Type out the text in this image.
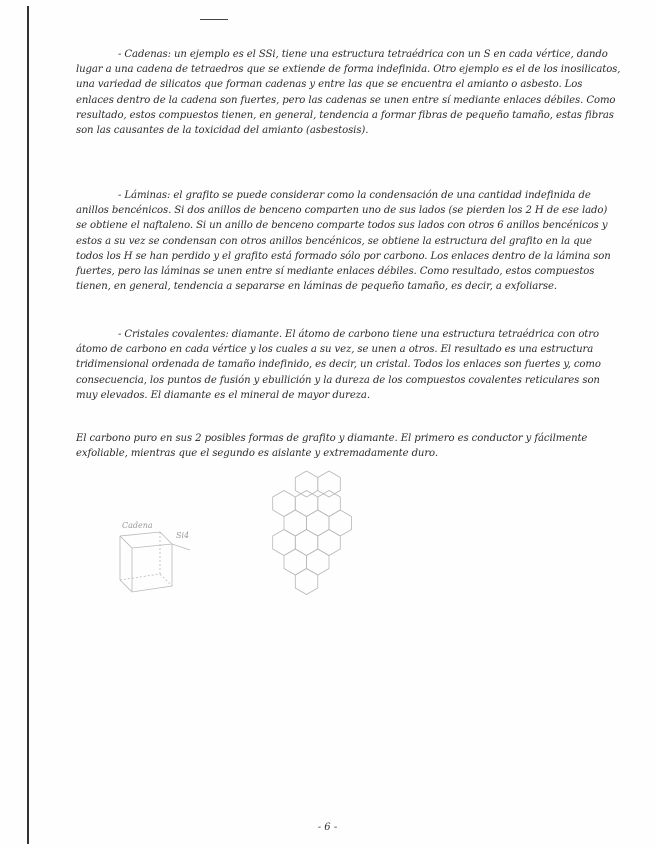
- Cadenas: un ejemplo es el SSi, tiene una estructura tetraédrica con un S en cada vértice, dando lugar a una cadena de tetraedros que se extiende de forma indefinida. Otro ejemplo es el de los inosilicatos, una variedad de silicatos que forman cadenas y entre las que se encuentra el amianto o asbesto. Los enlaces dentro de la cadena son fuertes, pero las cadenas se unen entre sí mediante enlaces débiles. Como resultado, estos compuestos tienen, en general, tendencia a formar fibras de pequeño tamaño, estas fibras son las causantes de la toxicidad del amianto (asbestosis).

- Láminas: el grafito se puede considerar como la condensación de una cantidad indefinida de anillos bencénicos. Si dos anillos de benceno comparten uno de sus lados (se pierden los 2 H de ese lado) se obtiene el naftaleno. Si un anillo de benceno comparte todos sus lados con otros 6 anillos bencénicos y estos a su vez se condensan con otros anillos bencénicos, se obtiene la estructura del grafito en la que todos los H se han perdido y el grafito está formado sólo por carbono. Los enlaces dentro de la lámina son fuertes, pero las láminas se unen entre sí mediante enlaces débiles. Como resultado, estos compuestos tienen, en general, tendencia a separarse en láminas de pequeño tamaño, es decir, a exfoliarse.

- Cristales covalentes: diamante. El átomo de carbono tiene una estructura tetraédrica con otro átomo de carbono en cada vértice y los cuales a su vez, se unen a otros. El resultado es una estructura tridimensional ordenada de tamaño indefinido, es decir, un cristal. Todos los enlaces son fuertes y, como consecuencia, los puntos de fusión y ebullición y la dureza de los compuestos covalentes reticulares son muy elevados. El diamante es el mineral de mayor dureza.

El carbono puro en sus 2 posibles formas de grafito y diamante. El primero es conductor y fácilmente exfoliable, mientras que el segundo es aislante y extremadamente duro.

Cadena
Si4
- 6 -
